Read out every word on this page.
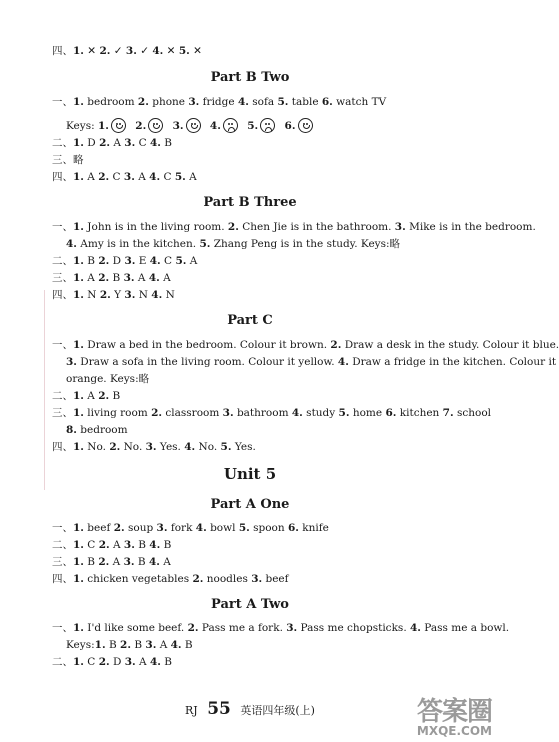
四、1. ✕ 2. ✓ 3. ✓ 4. ✕ 5. ✕
Part B Two
一、1. bedroom 2. phone 3. fridge 4. sofa 5. table 6. watch TV
Keys: 1.	2.	3.	4.	5.	6.
二、1. D 2. A 3. C 4. B
三、略
四、1. A 2. C 3. A 4. C 5. A
Part B Three
一、1. John is in the living room. 2. Chen Jie is in the bathroom. 3. Mike is in the bedroom.
4. Amy is in the kitchen. 5. Zhang Peng is in the study. Keys:略
二、1. B 2. D 3. E 4. C 5. A
三、1. A 2. B 3. A 4. A
四、1. N 2. Y 3. N 4. N
Part C
一、1. Draw a bed in the bedroom. Colour it brown. 2. Draw a desk in the study. Colour it blue.
3. Draw a sofa in the living room. Colour it yellow. 4. Draw a fridge in the kitchen. Colour it
orange. Keys:略
二、1. A 2. B
三、1. living room 2. classroom 3. bathroom 4. study 5. home 6. kitchen 7. school
8. bedroom
四、1. No. 2. No. 3. Yes. 4. No. 5. Yes.
Unit 5
Part A One
一、1. beef 2. soup 3. fork 4. bowl 5. spoon 6. knife
二、1. C 2. A 3. B 4. B
三、1. B 2. A 3. B 4. A
四、1. chicken vegetables 2. noodles 3. beef
Part A Two
一、1. I'd like some beef. 2. Pass me a fork. 3. Pass me chopsticks. 4. Pass me a bowl.
Keys:1. B 2. B 3. A 4. B
二、1. C 2. D 3. A 4. B
RJ 55 英语四年级(上)	答案圈
MXQE.COM
